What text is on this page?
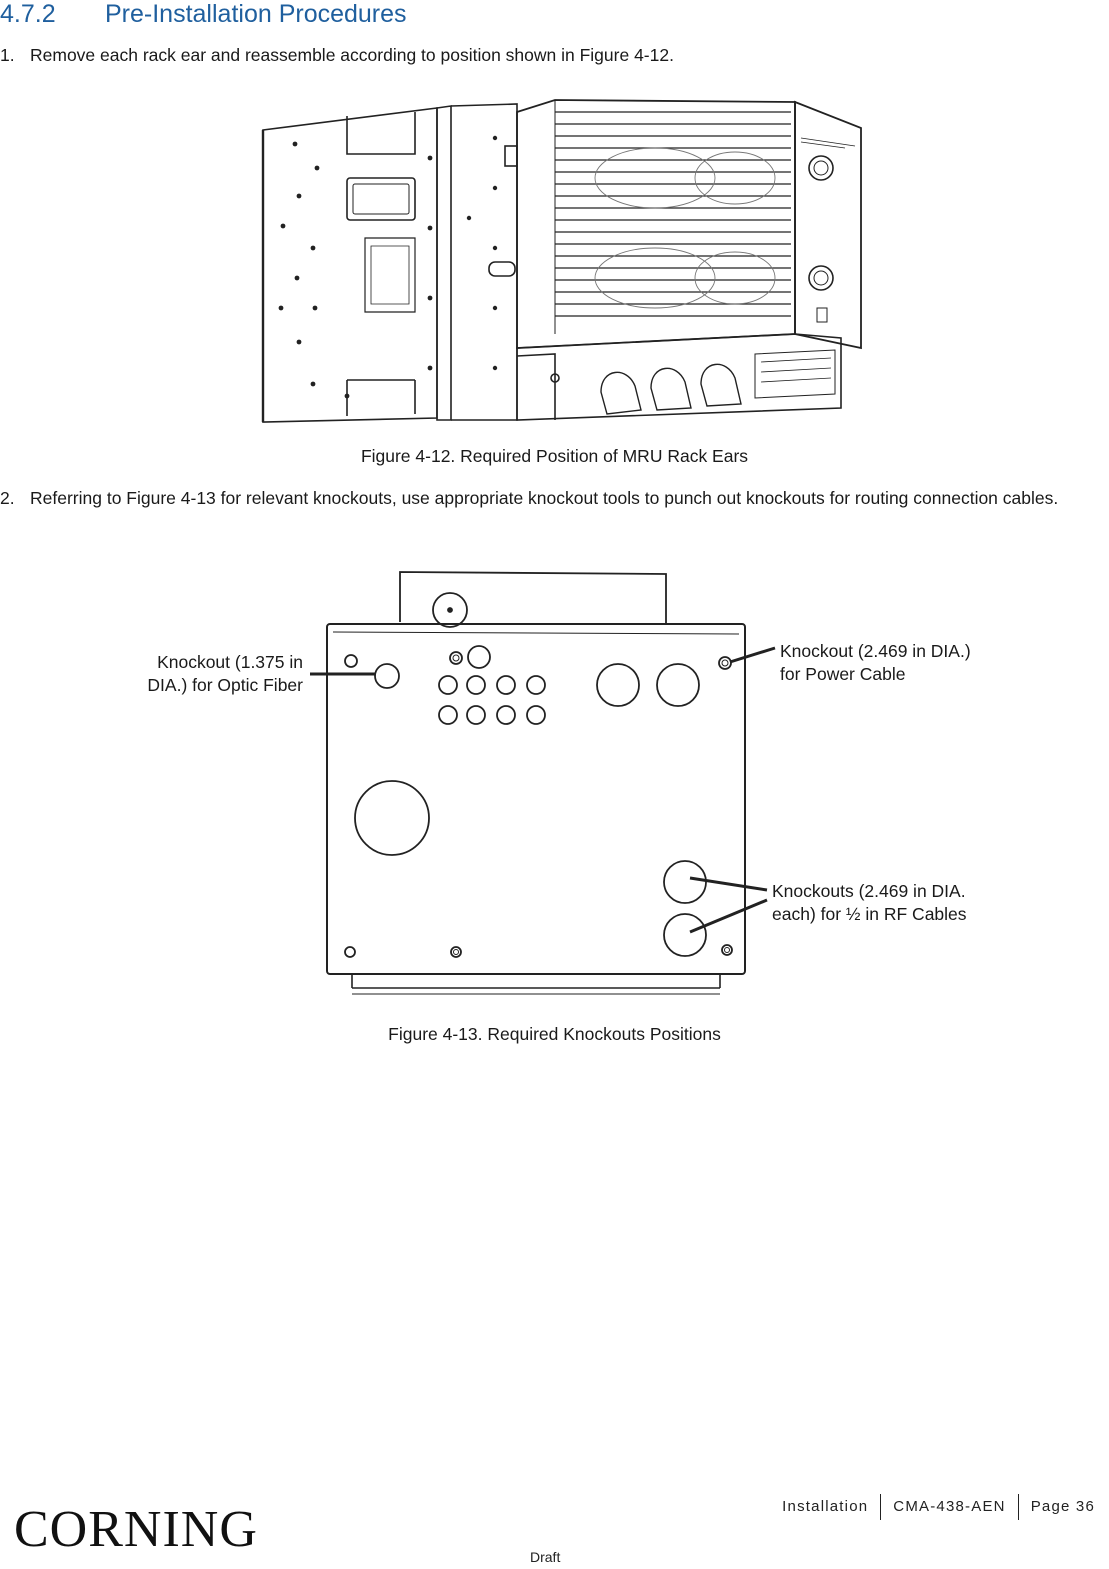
4.7.2 Pre-Installation Procedures
1. Remove each rack ear and reassemble according to position shown in Figure 4-12.
Figure 4-12. Required Position of MRU Rack Ears
2. Referring to Figure 4-13 for relevant knockouts, use appropriate knockout tools to punch out knockouts for routing connection cables.
Knockout (1.375 in
DIA.) for Optic Fiber
Knockout (2.469 in DIA.)
for Power Cable
Knockouts (2.469 in DIA.
each) for ½ in RF Cables
Figure 4-13. Required Knockouts Positions
CORNING	Installation CMA-438-AEN Page 36
Draft
